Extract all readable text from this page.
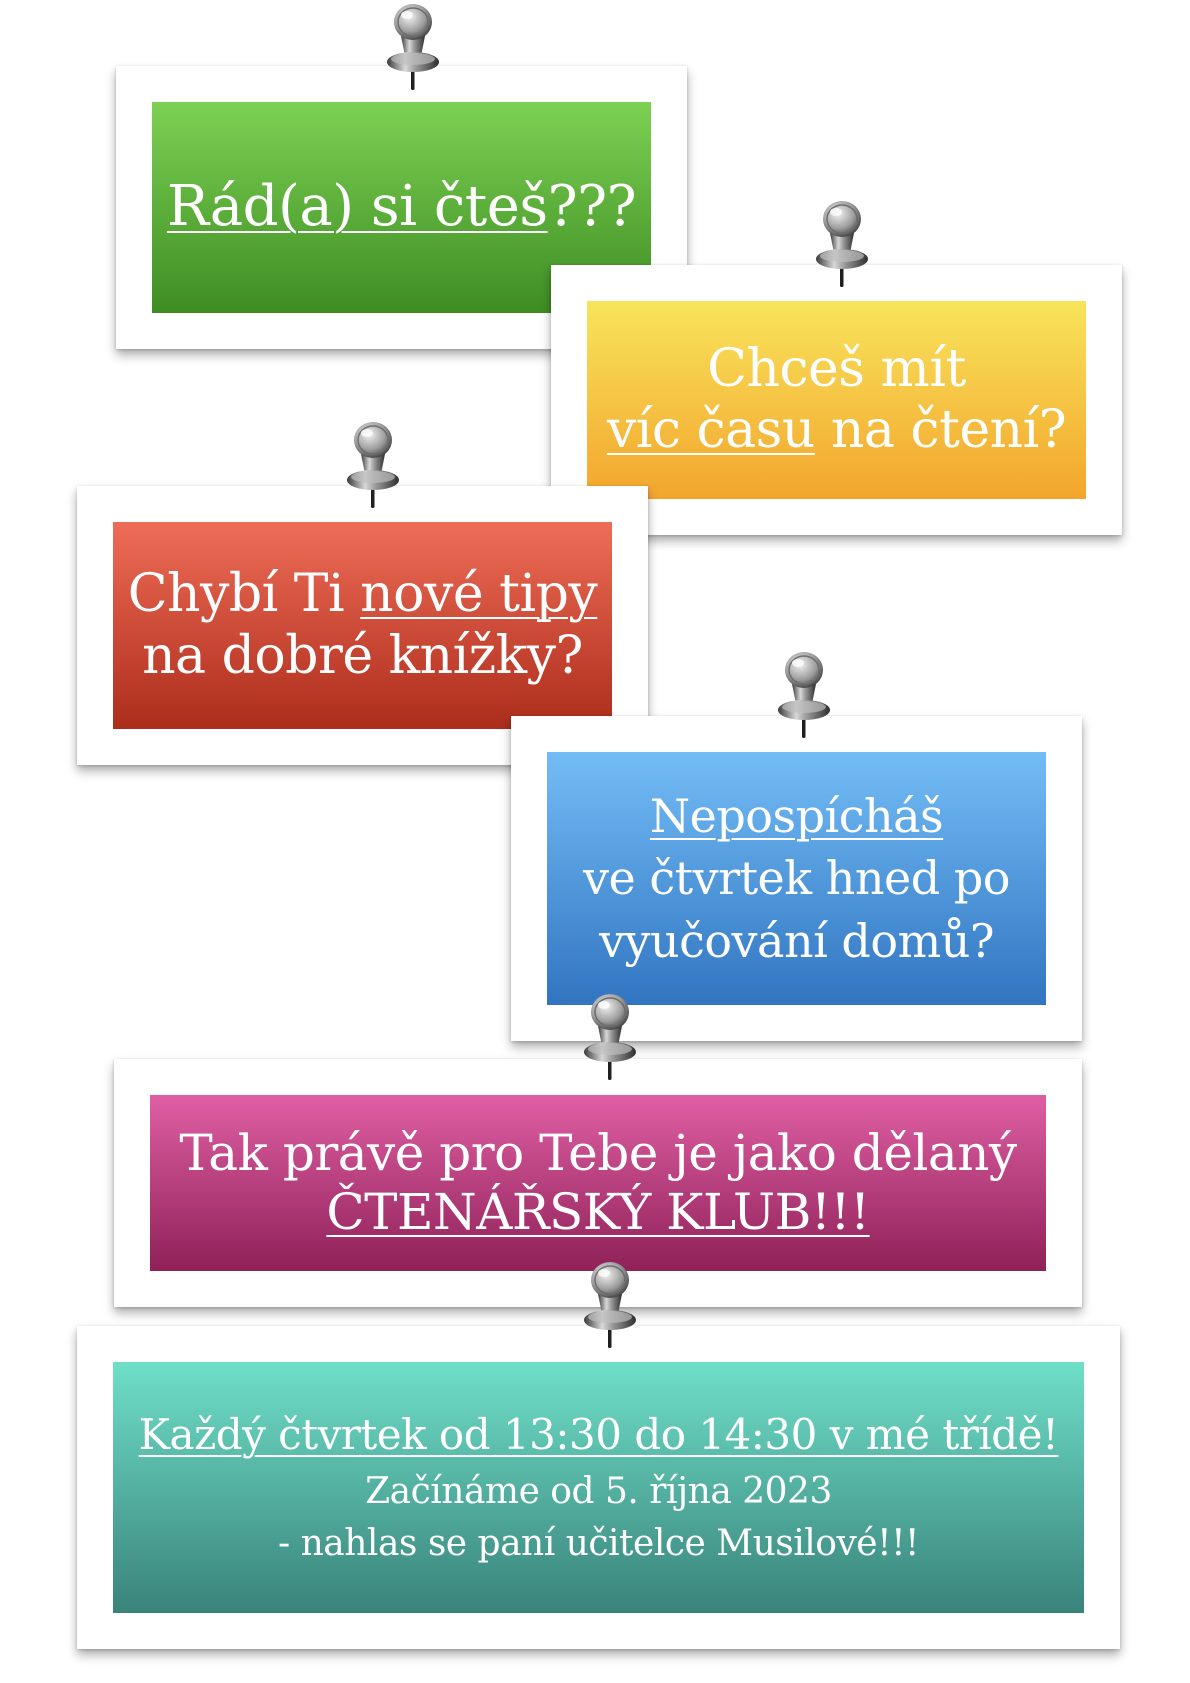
Rád(a) si čteš???
Chceš mít
víc času na čtení?
Chybí Ti nové tipy
na dobré knížky?
Nepospícháš
ve čtvrtek hned po
vyučování domů?
Tak právě pro Tebe je jako dělaný
ČTENÁŘSKÝ KLUB!!!
Každý čtvrtek od 13:30 do 14:30 v mé třídě!
Začínáme od 5. října 2023
- nahlas se paní učitelce Musilové!!!
